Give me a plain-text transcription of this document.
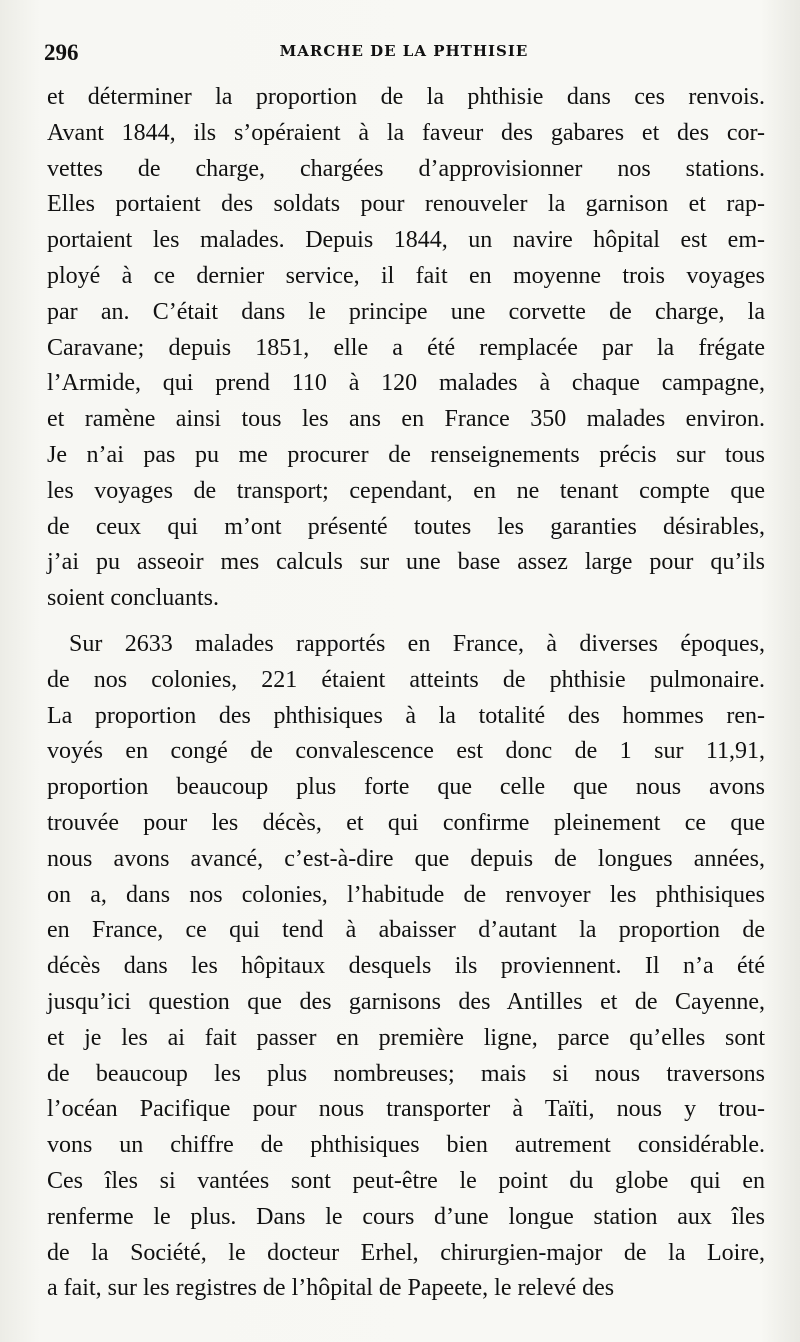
296	MARCHE DE LA PHTHISIE
et déterminer la proportion de la phthisie dans ces renvois.
Avant 1844, ils s’opéraient à la faveur des gabares et des cor-
vettes de charge, chargées d’approvisionner nos stations.
Elles portaient des soldats pour renouveler la garnison et rap-
portaient les malades. Depuis 1844, un navire hôpital est em-
ployé à ce dernier service, il fait en moyenne trois voyages
par an. C’était dans le principe une corvette de charge, la
Caravane; depuis 1851, elle a été remplacée par la frégate
l’Armide, qui prend 110 à 120 malades à chaque campagne,
et ramène ainsi tous les ans en France 350 malades environ.
Je n’ai pas pu me procurer de renseignements précis sur tous
les voyages de transport; cependant, en ne tenant compte que
de ceux qui m’ont présenté toutes les garanties désirables,
j’ai pu asseoir mes calculs sur une base assez large pour qu’ils
soient concluants.
Sur 2633 malades rapportés en France, à diverses époques,
de nos colonies, 221 étaient atteints de phthisie pulmonaire.
La proportion des phthisiques à la totalité des hommes ren-
voyés en congé de convalescence est donc de 1 sur 11,91,
proportion beaucoup plus forte que celle que nous avons
trouvée pour les décès, et qui confirme pleinement ce que
nous avons avancé, c’est-à-dire que depuis de longues années,
on a, dans nos colonies, l’habitude de renvoyer les phthisiques
en France, ce qui tend à abaisser d’autant la proportion de
décès dans les hôpitaux desquels ils proviennent. Il n’a été
jusqu’ici question que des garnisons des Antilles et de Cayenne,
et je les ai fait passer en première ligne, parce qu’elles sont
de beaucoup les plus nombreuses; mais si nous traversons
l’océan Pacifique pour nous transporter à Taïti, nous y trou-
vons un chiffre de phthisiques bien autrement considérable.
Ces îles si vantées sont peut-être le point du globe qui en
renferme le plus. Dans le cours d’une longue station aux îles
de la Société, le docteur Erhel, chirurgien-major de la Loire,
a fait, sur les registres de l’hôpital de Papeete, le relevé des
